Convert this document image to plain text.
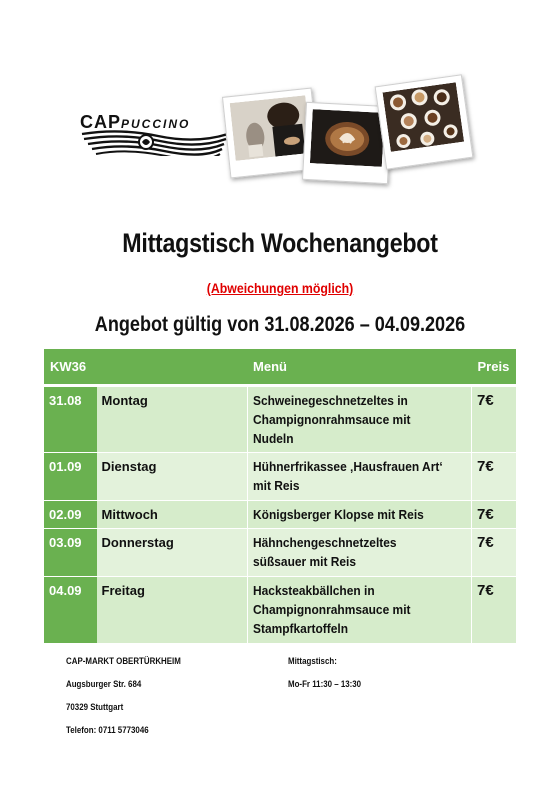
CAPPUCCINO
Mittagstisch Wochenangebot
(Abweichungen möglich)
Angebot gültig von 31.08.2026 – 04.09.2026
KW36		Menü	Preis

31.08	Montag	Schweinegeschnetzeltes in Champignonrahmsauce mit Nudeln	7€
01.09	Dienstag	Hühnerfrikassee ‚Hausfrauen Art‘ mit Reis	7€
02.09	Mittwoch	Königsberger Klopse mit Reis	7€
03.09	Donnerstag	Hähnchengeschnetzeltes süßsauer mit Reis	7€
04.09	Freitag	Hacksteakbällchen in Champignonrahmsauce mit Stampfkartoffeln	7€
CAP-MARKT OBERTÜRKHEIM
Augsburger Str. 684
70329 Stuttgart
Telefon: 0711 5773046
Mittagstisch:
Mo-Fr 11:30 – 13:30
